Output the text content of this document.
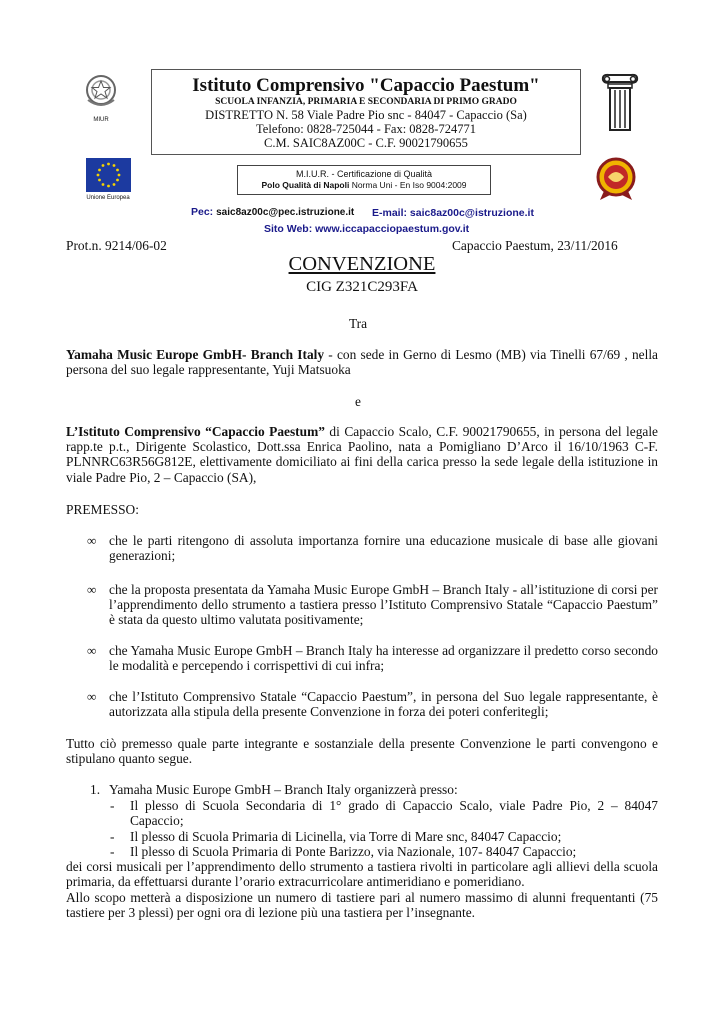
MIUR
Unione Europea
Istituto Comprensivo "Capaccio Paestum"
SCUOLA INFANZIA, PRIMARIA E SECONDARIA DI PRIMO GRADO
DISTRETTO N. 58 Viale Padre Pio snc - 84047 - Capaccio (Sa)
Telefono: 0828-725044 - Fax: 0828-724771
C.M. SAIC8AZ00C - C.F. 90021790655
M.I.U.R. - Certificazione di Qualità
Polo Qualità di Napoli Norma Uni - En Iso 9004:2009
Pec: saic8az00c@pec.istruzione.it E-mail: saic8az00c@istruzione.it
Sito Web: www.iccapacciopaestum.gov.it
Prot.n. 9214/06-02	Capaccio Paestum, 23/11/2016
CONVENZIONE
CIG Z321C293FA
Tra
Yamaha Music Europe GmbH- Branch Italy - con sede in Gerno di Lesmo (MB) via Tinelli 67/69 , nella persona del suo legale rappresentante, Yuji Matsuoka
e
L’Istituto Comprensivo “Capaccio Paestum” di Capaccio Scalo, C.F. 90021790655, in persona del legale rapp.te p.t., Dirigente Scolastico, Dott.ssa Enrica Paolino, nata a Pomigliano D’Arco il 16/10/1963 C-F. PLNNRC63R56G812E, elettivamente domiciliato ai fini della carica presso la sede legale della istituzione in viale Padre Pio, 2 – Capaccio (SA),
PREMESSO:
∞ che le parti ritengono di assoluta importanza fornire una educazione musicale di base alle giovani generazioni;
∞ che la proposta presentata da Yamaha Music Europe GmbH – Branch Italy - all’istituzione di corsi per l’apprendimento dello strumento a tastiera presso l’Istituto Comprensivo Statale “Capaccio Paestum” è stata da questo ultimo valutata positivamente;
∞ che Yamaha Music Europe GmbH – Branch Italy ha interesse ad organizzare il predetto corso secondo le modalità e percependo i corrispettivi di cui infra;
∞ che l’Istituto Comprensivo Statale “Capaccio Paestum”, in persona del Suo legale rappresentante, è autorizzata alla stipula della presente Convenzione in forza dei poteri conferitegli;
Tutto ciò premesso quale parte integrante e sostanziale della presente Convenzione le parti convengono e stipulano quanto segue.
1. Yamaha Music Europe GmbH – Branch Italy organizzerà presso:
- Il plesso di Scuola Secondaria di 1° grado di Capaccio Scalo, viale Padre Pio, 2 – 84047 Capaccio;
- Il plesso di Scuola Primaria di Licinella, via Torre di Mare snc, 84047 Capaccio;
- Il plesso di Scuola Primaria di Ponte Barizzo, via Nazionale, 107- 84047 Capaccio;
dei corsi musicali per l’apprendimento dello strumento a tastiera rivolti in particolare agli allievi della scuola primaria, da effettuarsi durante l’orario extracurricolare antimeridiano e pomeridiano.
Allo scopo metterà a disposizione un numero di tastiere pari al numero massimo di alunni frequentanti (75 tastiere per 3 plessi) per ogni ora di lezione più una tastiera per l’insegnante.
